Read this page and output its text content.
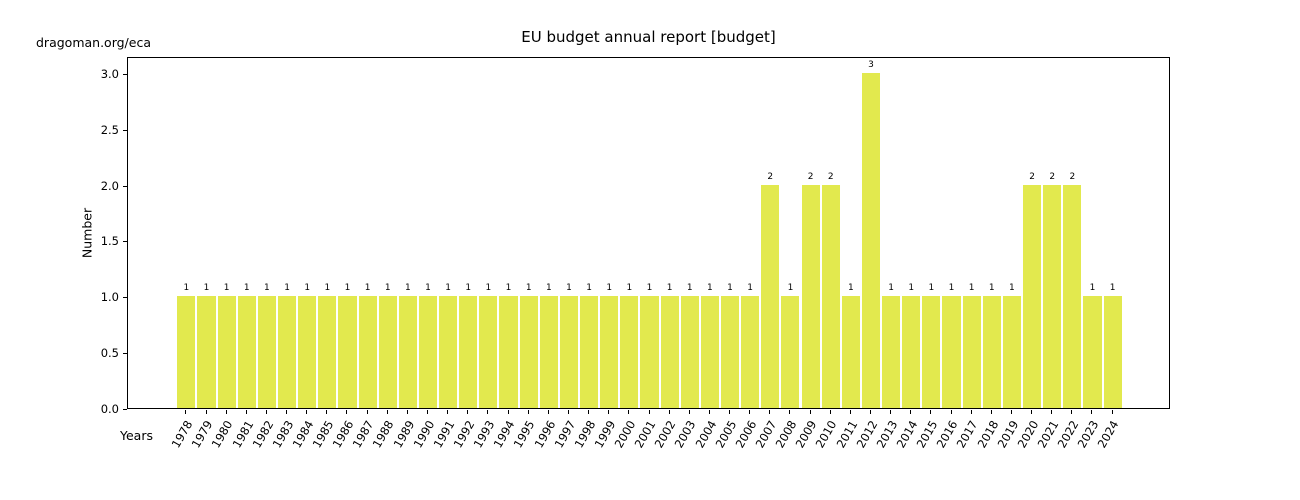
dragoman.org/eca	EU budget annual report [budget]
Number
Years
1	1	1	1	1	1	1	1	1	1	1	1	1	1	1	1	1	1	1	1	1	1	1	1	1	1	1	1	1
2
1
2	2
1
3
1	1	1	1	1	1	1
2	2	2
1	1
0.0
0.5
1.0
1.5
2.0
2.5
3.0
1978
1979
1980
1981
1982
1983
1984
1985
1986
1987
1988
1989
1990
1991
1992
1993
1994
1995
1996
1997
1998
1999
2000
2001
2002
2003
2004
2005
2006
2007
2008
2009
2010
2011
2012
2013
2014
2015
2016
2017
2018
2019
2020
2021
2022
2023
2024
